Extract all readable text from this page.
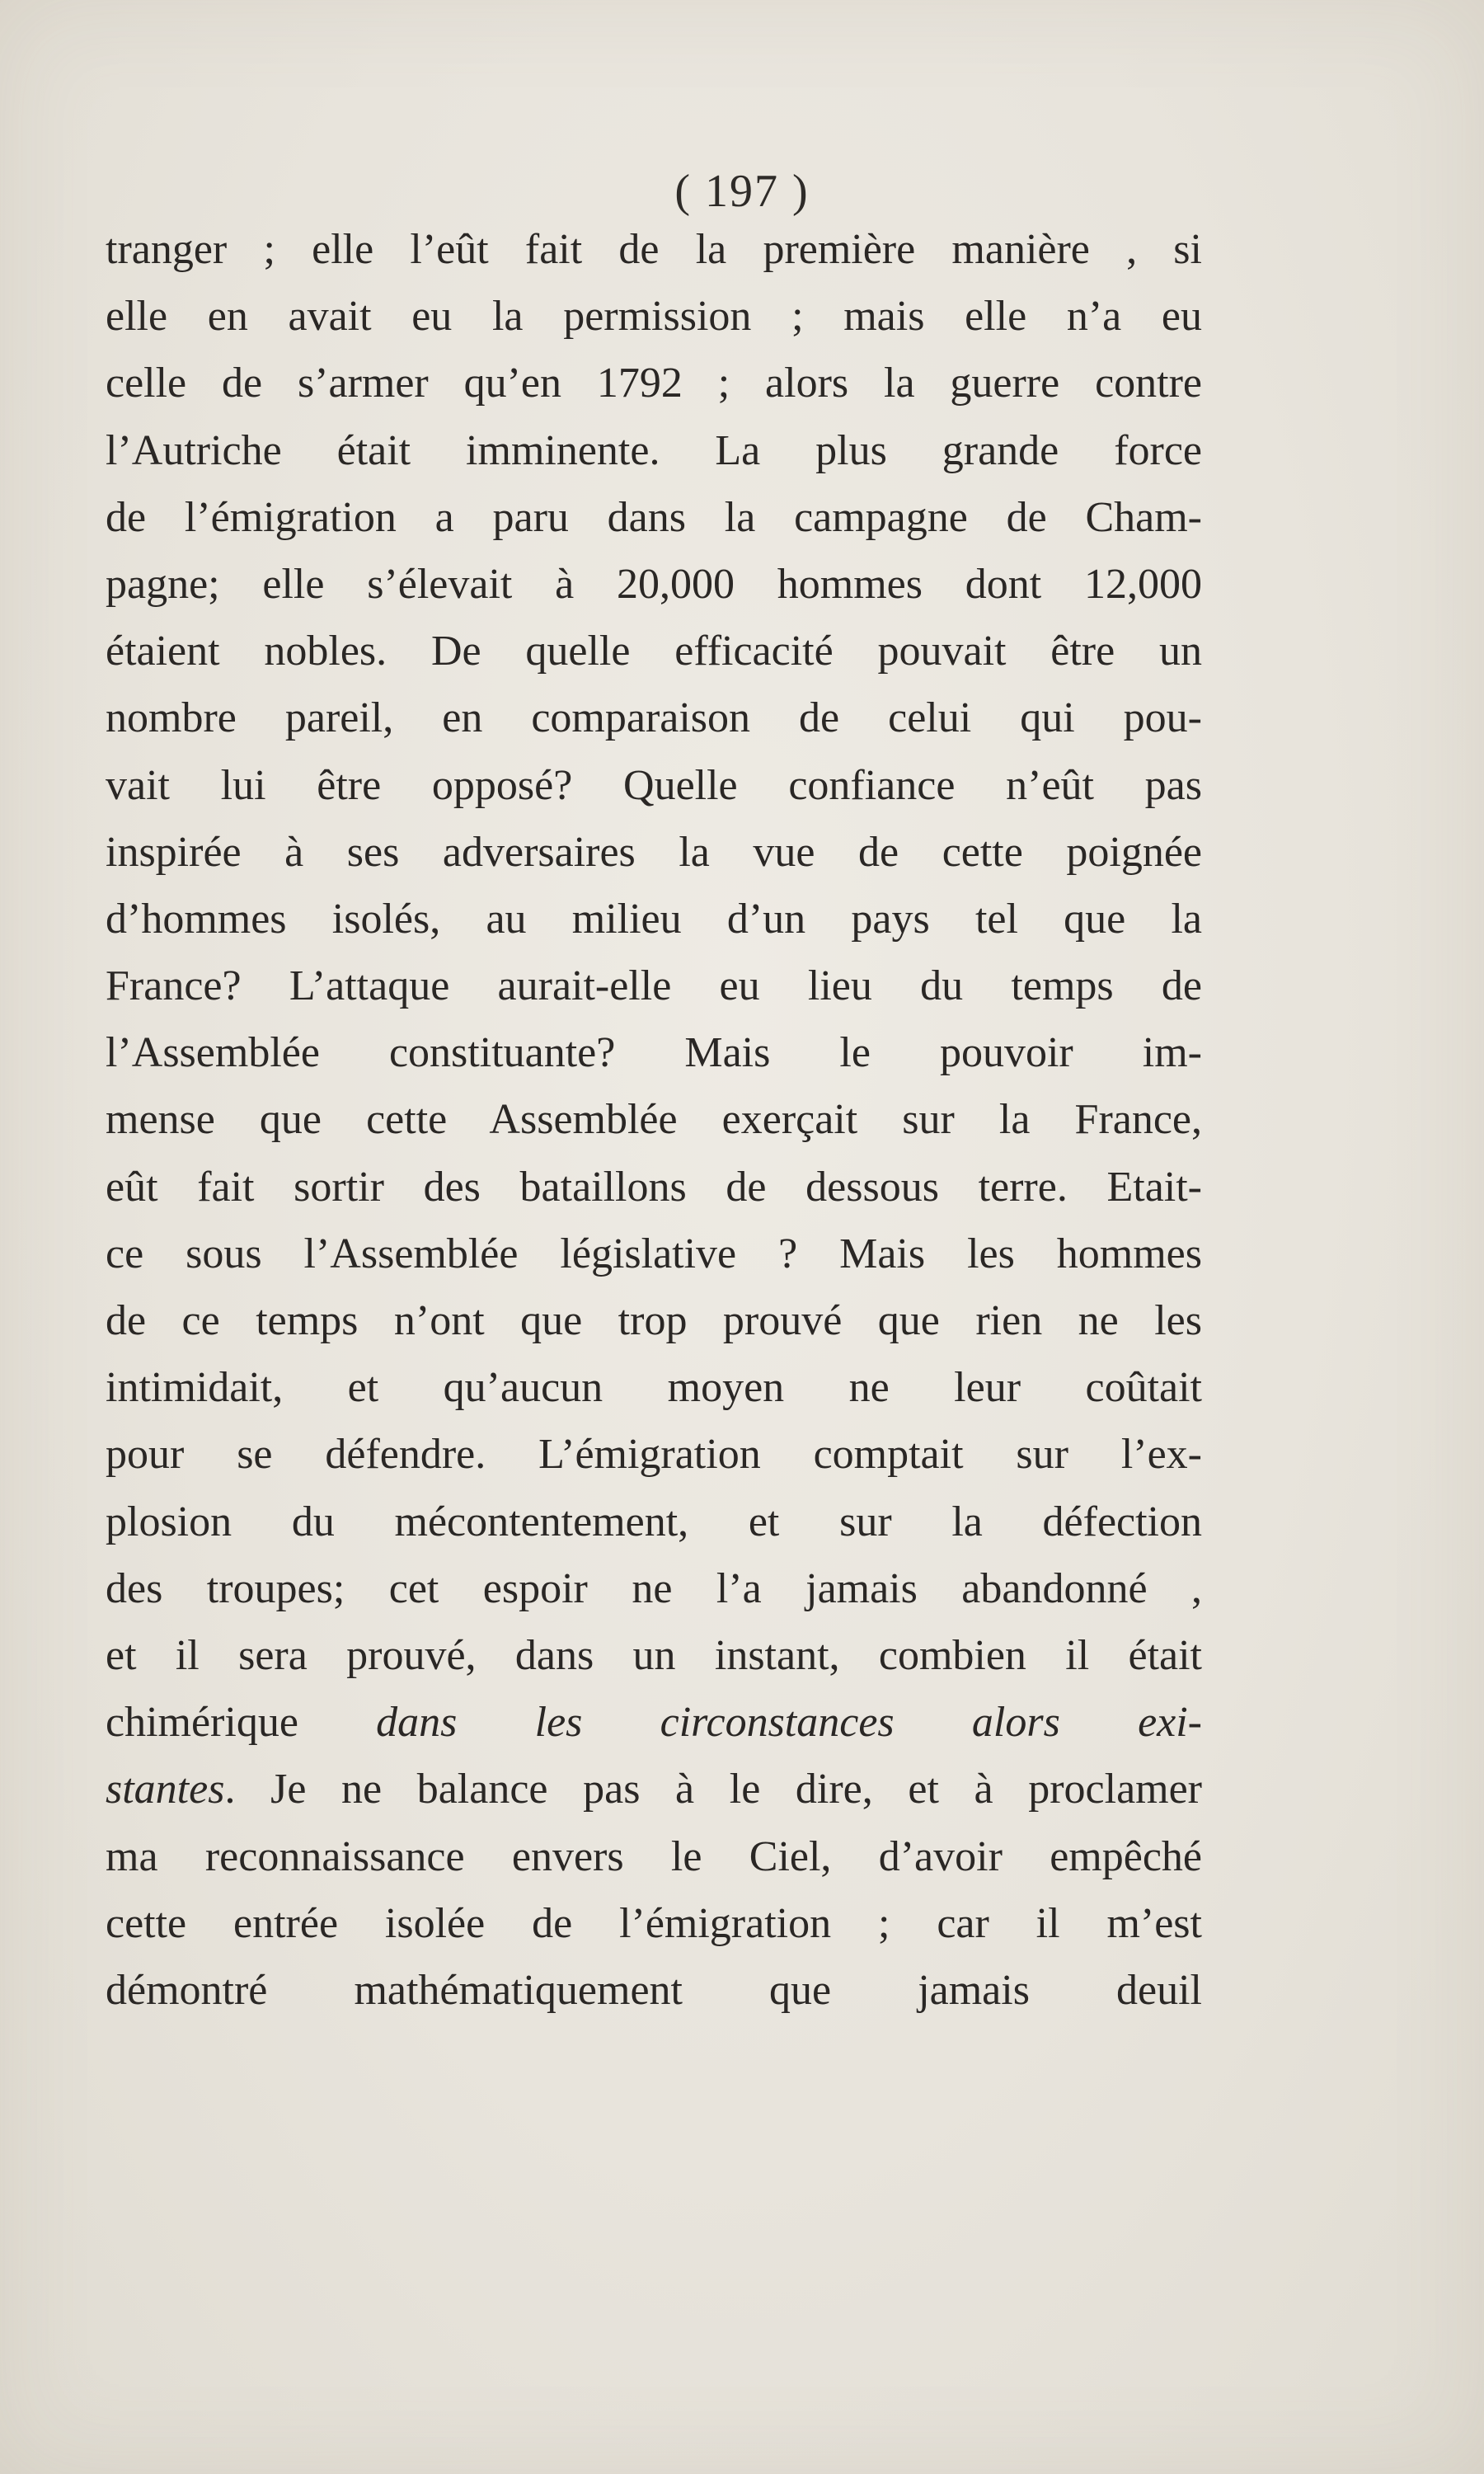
( 197 )
tranger ; elle l’eût fait de la première manière , si
elle en avait eu la permission ; mais elle n’a eu
celle de s’armer qu’en 1792 ; alors la guerre contre
l’Autriche était imminente. La plus grande force
de l’émigration a paru dans la campagne de Cham-
pagne; elle s’élevait à 20,000 hommes dont 12,000
étaient nobles. De quelle efficacité pouvait être un
nombre pareil, en comparaison de celui qui pou-
vait lui être opposé? Quelle confiance n’eût pas
inspirée à ses adversaires la vue de cette poignée
d’hommes isolés, au milieu d’un pays tel que la
France? L’attaque aurait-elle eu lieu du temps de
l’Assemblée constituante? Mais le pouvoir im-
mense que cette Assemblée exerçait sur la France,
eût fait sortir des bataillons de dessous terre. Etait-
ce sous l’Assemblée législative ? Mais les hommes
de ce temps n’ont que trop prouvé que rien ne les
intimidait, et qu’aucun moyen ne leur coûtait
pour se défendre. L’émigration comptait sur l’ex-
plosion du mécontentement, et sur la défection
des troupes; cet espoir ne l’a jamais abandonné ,
et il sera prouvé, dans un instant, combien il était
chimérique dans les circonstances alors exi-
stantes. Je ne balance pas à le dire, et à proclamer
ma reconnaissance envers le Ciel, d’avoir empêché
cette entrée isolée de l’émigration ; car il m’est
démontré mathématiquement que jamais deuil
